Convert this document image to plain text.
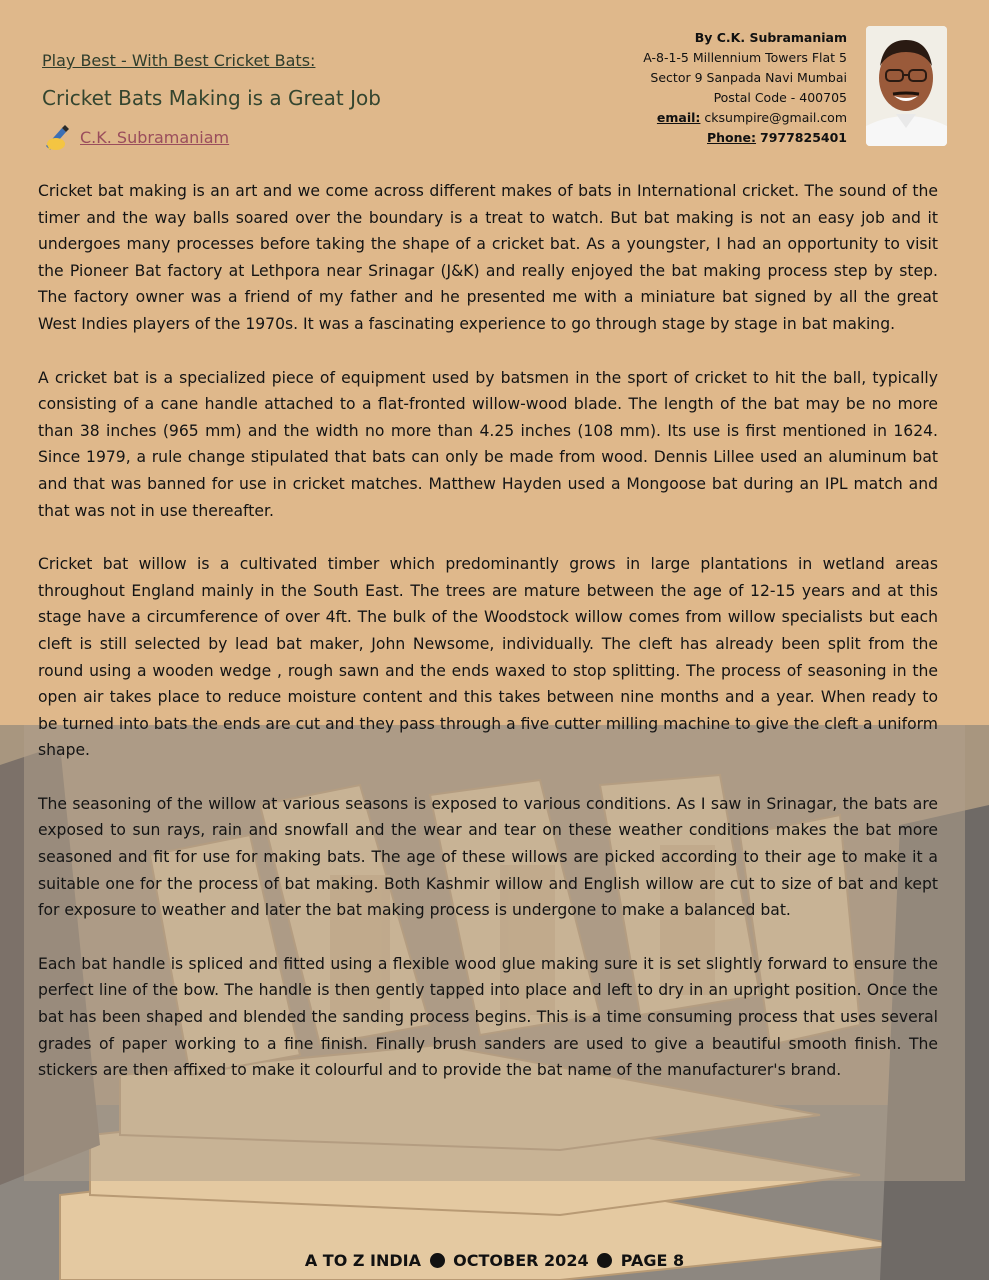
Play Best - With Best Cricket Bats:
Cricket Bats Making is a Great Job
C.K. Subramaniam
By C.K. Subramaniam
A-8-1-5 Millennium Towers Flat 5
Sector 9 Sanpada Navi Mumbai
Postal Code - 400705
email: cksumpire@gmail.com
Phone: 7977825401

Cricket bat making is an art and we come across different makes of bats in International cricket. The sound of the timer and the way balls soared over the boundary is a treat to watch. But bat making is not an easy job and it undergoes many processes before taking the shape of a cricket bat. As a youngster, I had an opportunity to visit the Pioneer Bat factory at Lethpora near Srinagar (J&K) and really enjoyed the bat making process step by step. The factory owner was a friend of my father and he presented me with a miniature bat signed by all the great West Indies players of the 1970s. It was a fascinating experience to go through stage by stage in bat making.

A cricket bat is a specialized piece of equipment used by batsmen in the sport of cricket to hit the ball, typically consisting of a cane handle attached to a flat-fronted willow-wood blade. The length of the bat may be no more than 38 inches (965 mm) and the width no more than 4.25 inches (108 mm). Its use is first mentioned in 1624. Since 1979, a rule change stipulated that bats can only be made from wood. Dennis Lillee used an aluminum bat and that was banned for use in cricket matches. Matthew Hayden used a Mongoose bat during an IPL match and that was not in use thereafter.

Cricket bat willow is a cultivated timber which predominantly grows in large plantations in wetland areas throughout England mainly in the South East. The trees are mature between the age of 12-15 years and at this stage have a circumference of over 4ft. The bulk of the Woodstock willow comes from willow specialists but each cleft is still selected by lead bat maker, John Newsome, individually. The cleft has already been split from the round using a wooden wedge , rough sawn and the ends waxed to stop splitting. The process of seasoning in the open air takes place to reduce moisture content and this takes between nine months and a year. When ready to be turned into bats the ends are cut and they pass through a five cutter milling machine to give the cleft a uniform shape.

The seasoning of the willow at various seasons is exposed to various conditions. As I saw in Srinagar, the bats are exposed to sun rays, rain and snowfall and the wear and tear on these weather conditions makes the bat more seasoned and fit for use for making bats. The age of these willows are picked according to their age to make it a suitable one for the process of bat making. Both Kashmir willow and English willow are cut to size of bat and kept for exposure to weather and later the bat making process is undergone to make a balanced bat.

Each bat handle is spliced and fitted using a flexible wood glue making sure it is set slightly forward to ensure the perfect line of the bow. The handle is then gently tapped into place and left to dry in an upright position. Once the bat has been shaped and blended the sanding process begins. This is a time consuming process that uses several grades of paper working to a fine finish. Finally brush sanders are used to give a beautiful smooth finish. The stickers are then affixed to make it colourful and to provide the bat name of the manufacturer's brand.

A TO Z INDIA OCTOBER 2024 PAGE 8
